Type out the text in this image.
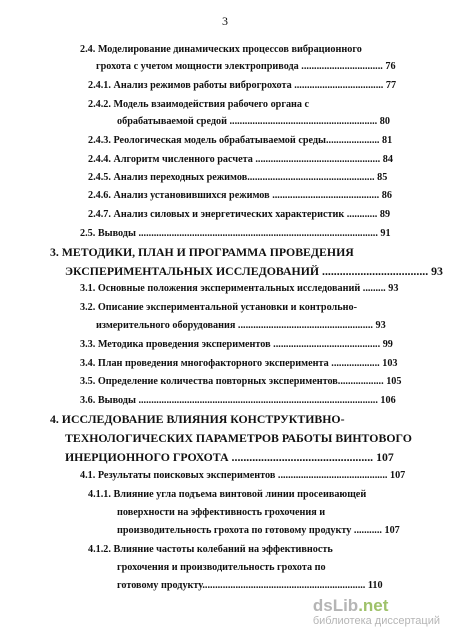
3
2.4. Моделирование динамических процессов вибрационного
грохота с учетом мощности электропривода ................................ 76
2.4.1. Анализ режимов работы виброгрохота ................................... 77
2.4.2. Модель взаимодействия рабочего органа с
обрабатываемой средой .......................................................... 80
2.4.3. Реологическая модель обрабатываемой среды..................... 81
2.4.4. Алгоритм численного расчета ................................................. 84
2.4.5. Анализ переходных режимов.................................................. 85
2.4.6. Анализ установившихся режимов .......................................... 86
2.4.7. Анализ силовых и энергетических характеристик ............ 89
2.5. Выводы .............................................................................................. 91
3. МЕТОДИКИ, ПЛАН И ПРОГРАММА ПРОВЕДЕНИЯ
ЭКСПЕРИМЕНТАЛЬНЫХ ИССЛЕДОВАНИЙ .................................... 93
3.1. Основные положения экспериментальных исследований ......... 93
3.2. Описание экспериментальной установки и контрольно-
измерительного оборудования ..................................................... 93
3.3. Методика проведения экспериментов .......................................... 99
3.4. План проведения многофакторного эксперимента ................... 103
3.5. Определение количества повторных экспериментов.................. 105
3.6. Выводы .............................................................................................. 106
4. ИССЛЕДОВАНИЕ ВЛИЯНИЯ КОНСТРУКТИВНО-
ТЕХНОЛОГИЧЕСКИХ ПАРАМЕТРОВ РАБОТЫ ВИНТОВОГО
ИНЕРЦИОННОГО ГРОХОТА ................................................ 107
4.1. Результаты поисковых экспериментов ........................................... 107
4.1.1. Влияние угла подъема винтовой линии просеивающей
поверхности на эффективность грохочения и
производительность грохота по готовому продукту ........... 107
4.1.2. Влияние частоты колебаний на эффективность
грохочения и производительность грохота по
готовому продукту................................................................ 110
dsLib.net
библиотека диссертаций
